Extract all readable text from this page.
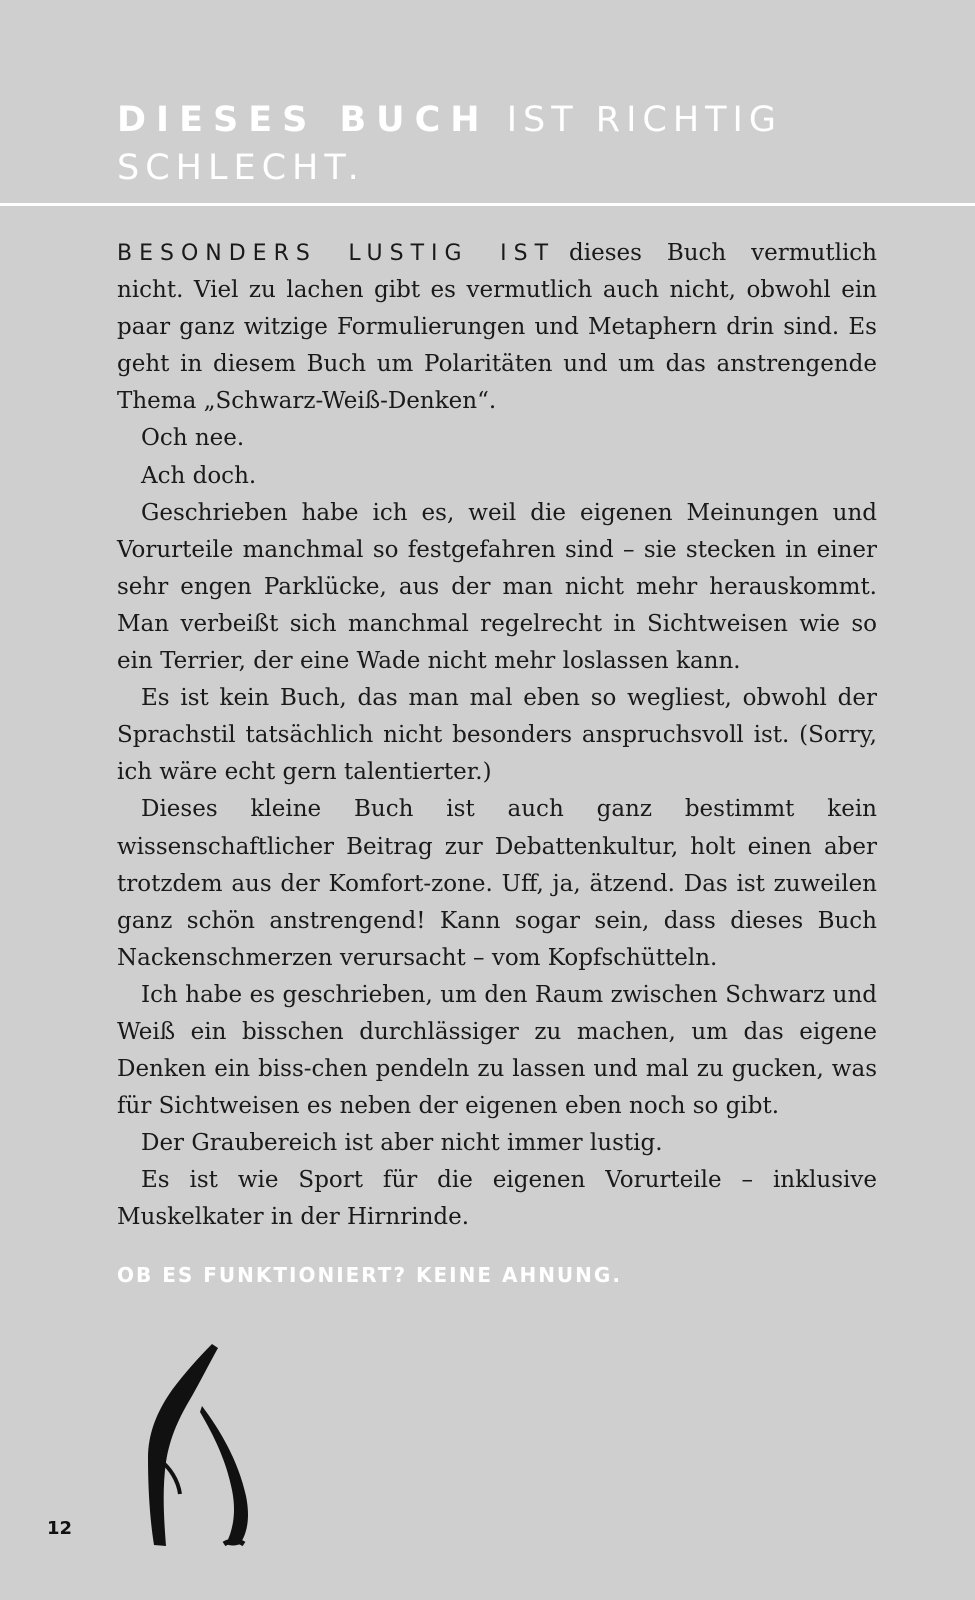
DIESES BUCH IST RICHTIG SCHLECHT.

BESONDERS LUSTIG IST dieses Buch vermutlich nicht. Viel zu lachen gibt es vermutlich auch nicht, obwohl ein paar ganz witzige Formulierungen und Metaphern drin sind. Es geht in diesem Buch um Polaritäten und um das anstrengende Thema „Schwarz-Weiß-Denken“.

Och nee.

Ach doch.

Geschrieben habe ich es, weil die eigenen Meinungen und Vorurteile manchmal so festgefahren sind – sie stecken in einer sehr engen Parklücke, aus der man nicht mehr herauskommt. Man verbeißt sich manchmal regelrecht in Sichtweisen wie so ein Terrier, der eine Wade nicht mehr loslassen kann.

Es ist kein Buch, das man mal eben so wegliest, obwohl der Sprachstil tatsächlich nicht besonders anspruchsvoll ist. (Sorry, ich wäre echt gern talentierter.)

Dieses kleine Buch ist auch ganz bestimmt kein wissenschaftlicher Beitrag zur Debattenkultur, holt einen aber trotzdem aus der Komfort-zone. Uff, ja, ätzend. Das ist zuweilen ganz schön anstrengend! Kann sogar sein, dass dieses Buch Nackenschmerzen verursacht – vom Kopfschütteln.

Ich habe es geschrieben, um den Raum zwischen Schwarz und Weiß ein bisschen durchlässiger zu machen, um das eigene Denken ein biss-chen pendeln zu lassen und mal zu gucken, was für Sichtweisen es neben der eigenen eben noch so gibt.

Der Graubereich ist aber nicht immer lustig.

Es ist wie Sport für die eigenen Vorurteile – inklusive Muskelkater in der Hirnrinde.

OB ES FUNKTIONIERT? KEINE AHNUNG.
12
